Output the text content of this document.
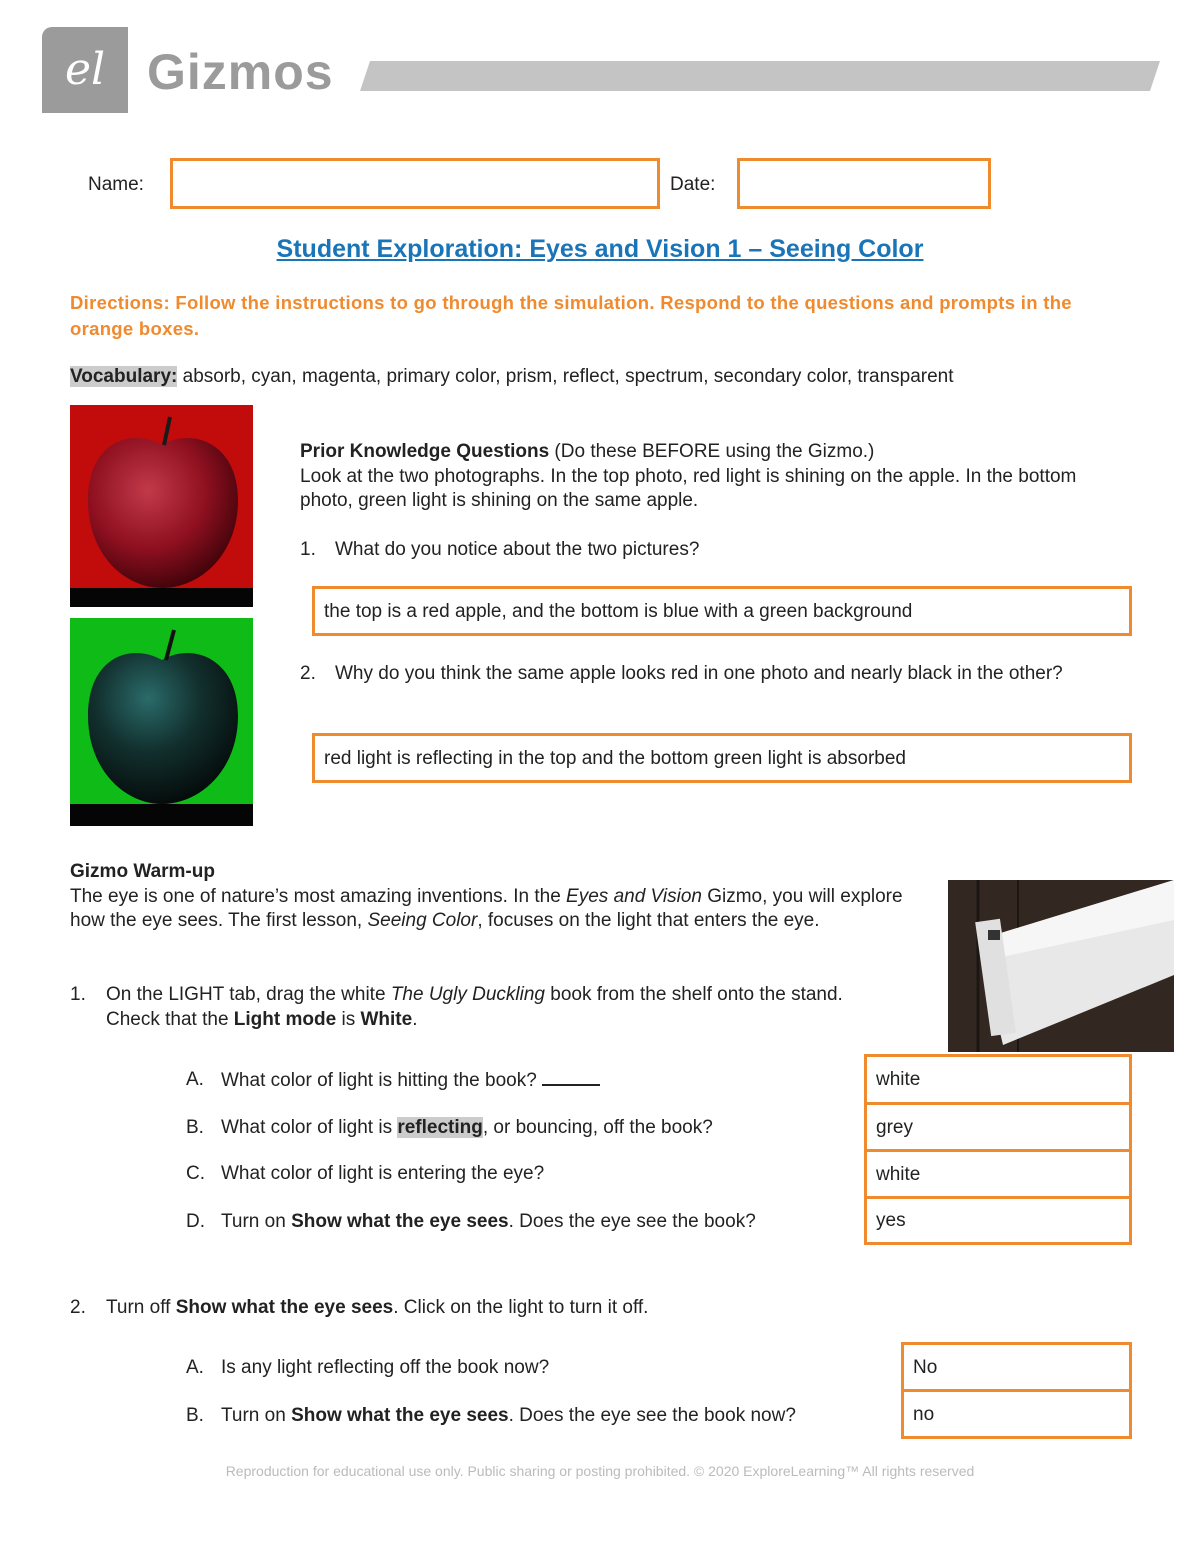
el Gizmos
Name:	Date:
Student Exploration: Eyes and Vision 1 – Seeing Color
Directions: Follow the instructions to go through the simulation. Respond to the questions and prompts in the orange boxes.
Vocabulary: absorb, cyan, magenta, primary color, prism, reflect, spectrum, secondary color, transparent
Prior Knowledge Questions (Do these BEFORE using the Gizmo.)
Look at the two photographs. In the top photo, red light is shining on the apple. In the bottom photo, green light is shining on the same apple.
1. What do you notice about the two pictures?
the top is a red apple, and the bottom is blue with a green background
2. Why do you think the same apple looks red in one photo and nearly black in the other?
red light is reflecting in the top and the bottom green light is absorbed
Gizmo Warm-up
The eye is one of nature’s most amazing inventions. In the Eyes and Vision Gizmo, you will explore how the eye sees. The first lesson, Seeing Color, focuses on the light that enters the eye.
1. On the LIGHT tab, drag the white The Ugly Duckling book from the shelf onto the stand. Check that the Light mode is White.
A. What color of light is hitting the book?
B. What color of light is reflecting, or bouncing, off the book?
C. What color of light is entering the eye?
D. Turn on Show what the eye sees. Does the eye see the book?
white
grey
white
yes
2. Turn off Show what the eye sees. Click on the light to turn it off.
A. Is any light reflecting off the book now?
B. Turn on Show what the eye sees. Does the eye see the book now?
No
no
Reproduction for educational use only. Public sharing or posting prohibited. © 2020 ExploreLearning™ All rights reserved
